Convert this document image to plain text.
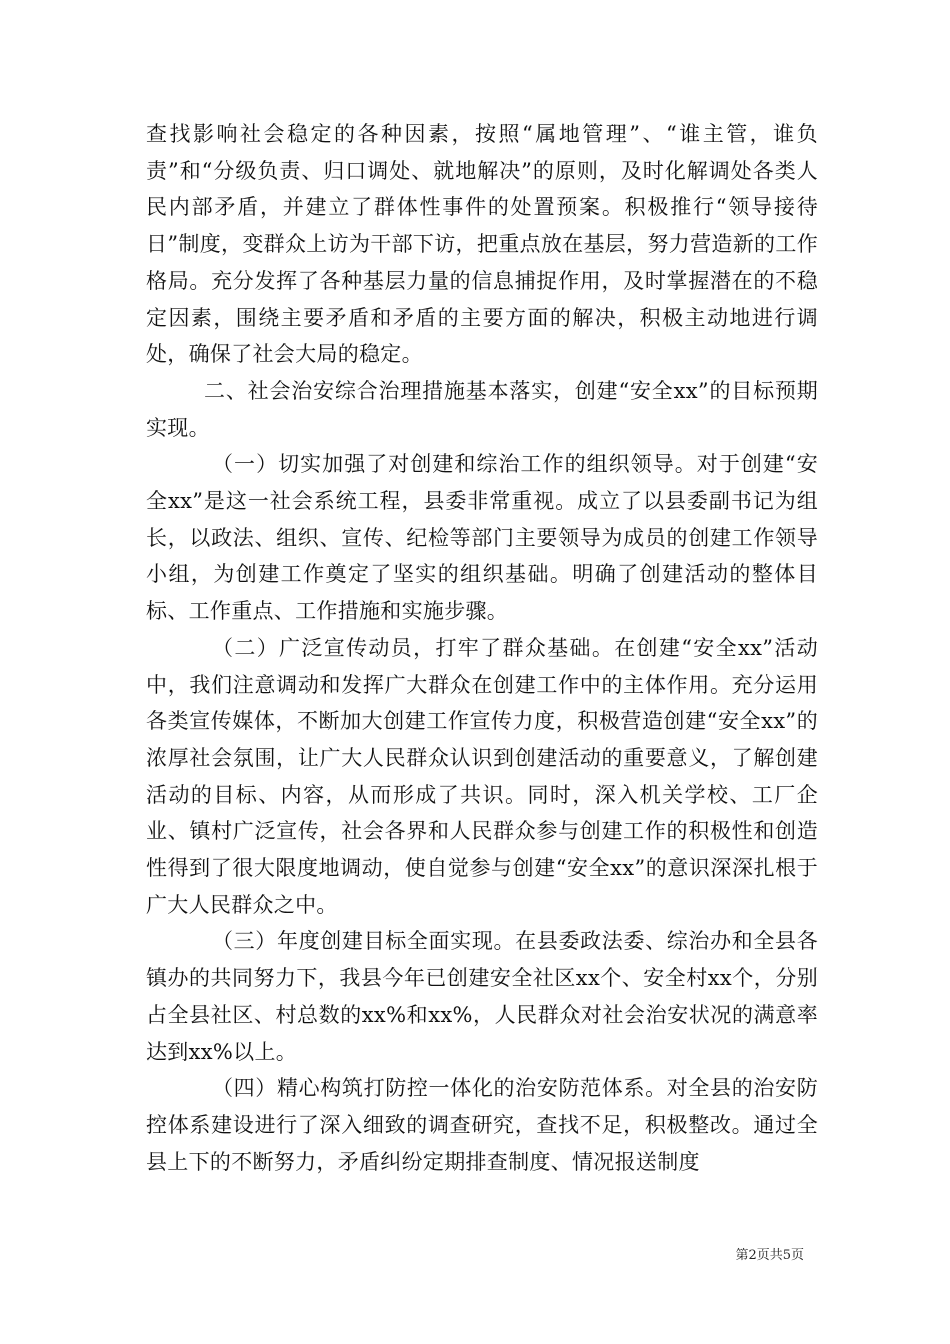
查找影响社会稳定的各种因素，按照“属地管理”、“谁主管，谁负责”和“分级负责、归口调处、就地解决”的原则，及时化解调处各类人民内部矛盾，并建立了群体性事件的处置预案。积极推行“领导接待日”制度，变群众上访为干部下访，把重点放在基层，努力营造新的工作格局。充分发挥了各种基层力量的信息捕捉作用，及时掌握潜在的不稳定因素，围绕主要矛盾和矛盾的主要方面的解决，积极主动地进行调处，确保了社会大局的稳定。

二、社会治安综合治理措施基本落实，创建“安全xx”的目标预期实现。

（一）切实加强了对创建和综治工作的组织领导。对于创建“安全xx”是这一社会系统工程，县委非常重视。成立了以县委副书记为组长，以政法、组织、宣传、纪检等部门主要领导为成员的创建工作领导小组，为创建工作奠定了坚实的组织基础。明确了创建活动的整体目标、工作重点、工作措施和实施步骤。

（二）广泛宣传动员，打牢了群众基础。在创建“安全xx”活动中，我们注意调动和发挥广大群众在创建工作中的主体作用。充分运用各类宣传媒体，不断加大创建工作宣传力度，积极营造创建“安全xx”的浓厚社会氛围，让广大人民群众认识到创建活动的重要意义，了解创建活动的目标、内容，从而形成了共识。同时，深入机关学校、工厂企业、镇村广泛宣传，社会各界和人民群众参与创建工作的积极性和创造性得到了很大限度地调动，使自觉参与创建“安全xx”的意识深深扎根于广大人民群众之中。

（三）年度创建目标全面实现。在县委政法委、综治办和全县各镇办的共同努力下，我县今年已创建安全社区xx个、安全村xx个，分别占全县社区、村总数的xx%和xx%，人民群众对社会治安状况的满意率达到xx%以上。

（四）精心构筑打防控一体化的治安防范体系。对全县的治安防控体系建设进行了深入细致的调查研究，查找不足，积极整改。通过全县上下的不断努力，矛盾纠纷定期排查制度、情况报送制度

第2页共5页
